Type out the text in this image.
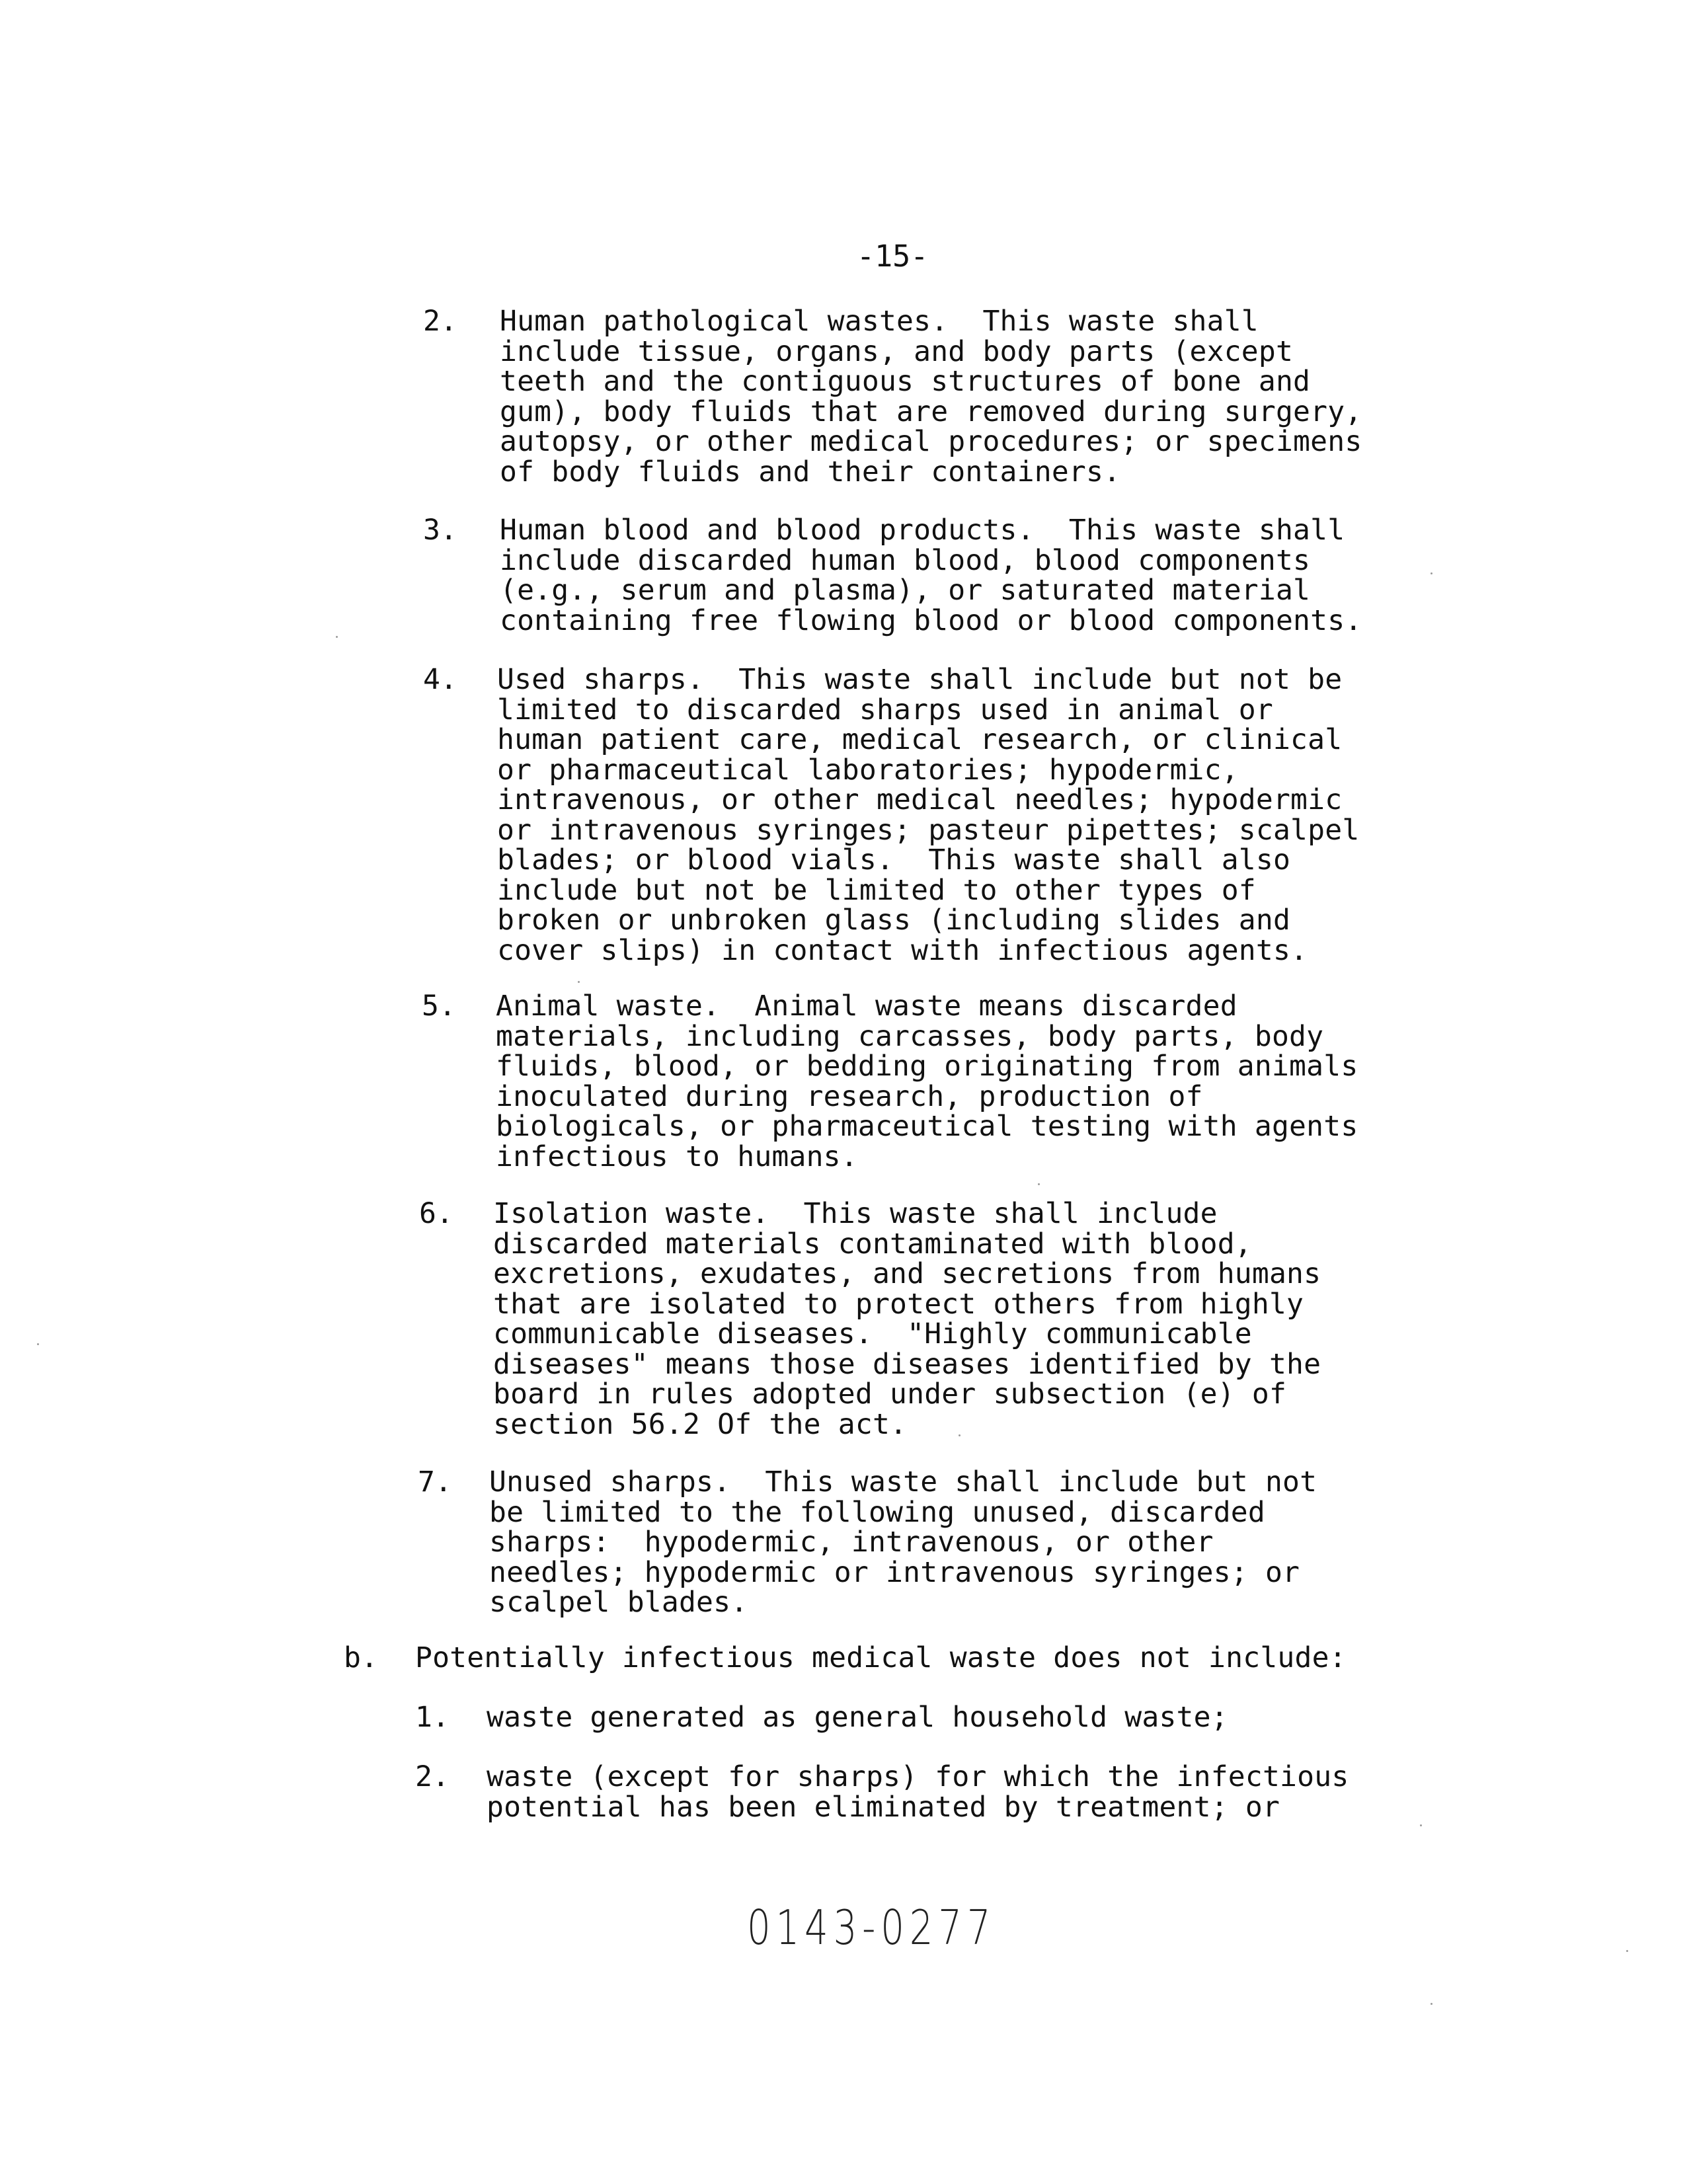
-15-
2. Human pathological wastes.  This waste shall
include tissue, organs, and body parts (except
teeth and the contiguous structures of bone and
gum), body fluids that are removed during surgery,
autopsy, or other medical procedures; or specimens
of body fluids and their containers.

3. Human blood and blood products.  This waste shall
include discarded human blood, blood components
(e.g., serum and plasma), or saturated material
containing free flowing blood or blood components.

4. Used sharps.  This waste shall include but not be
limited to discarded sharps used in animal or
human patient care, medical research, or clinical
or pharmaceutical laboratories; hypodermic,
intravenous, or other medical needles; hypodermic
or intravenous syringes; pasteur pipettes; scalpel
blades; or blood vials.  This waste shall also
include but not be limited to other types of
broken or unbroken glass (including slides and
cover slips) in contact with infectious agents.

5. Animal waste.  Animal waste means discarded
materials, including carcasses, body parts, body
fluids, blood, or bedding originating from animals
inoculated during research, production of
biologicals, or pharmaceutical testing with agents
infectious to humans.

6. Isolation waste.  This waste shall include
discarded materials contaminated with blood,
excretions, exudates, and secretions from humans
that are isolated to protect others from highly
communicable diseases.  "Highly communicable
diseases" means those diseases identified by the
board in rules adopted under subsection (e) of
section 56.2 Of the act.

7. Unused sharps.  This waste shall include but not
be limited to the following unused, discarded
sharps:  hypodermic, intravenous, or other
needles; hypodermic or intravenous syringes; or
scalpel blades.

b. Potentially infectious medical waste does not include:

1. waste generated as general household waste;

2. waste (except for sharps) for which the infectious
potential has been eliminated by treatment; or

0143-0277
